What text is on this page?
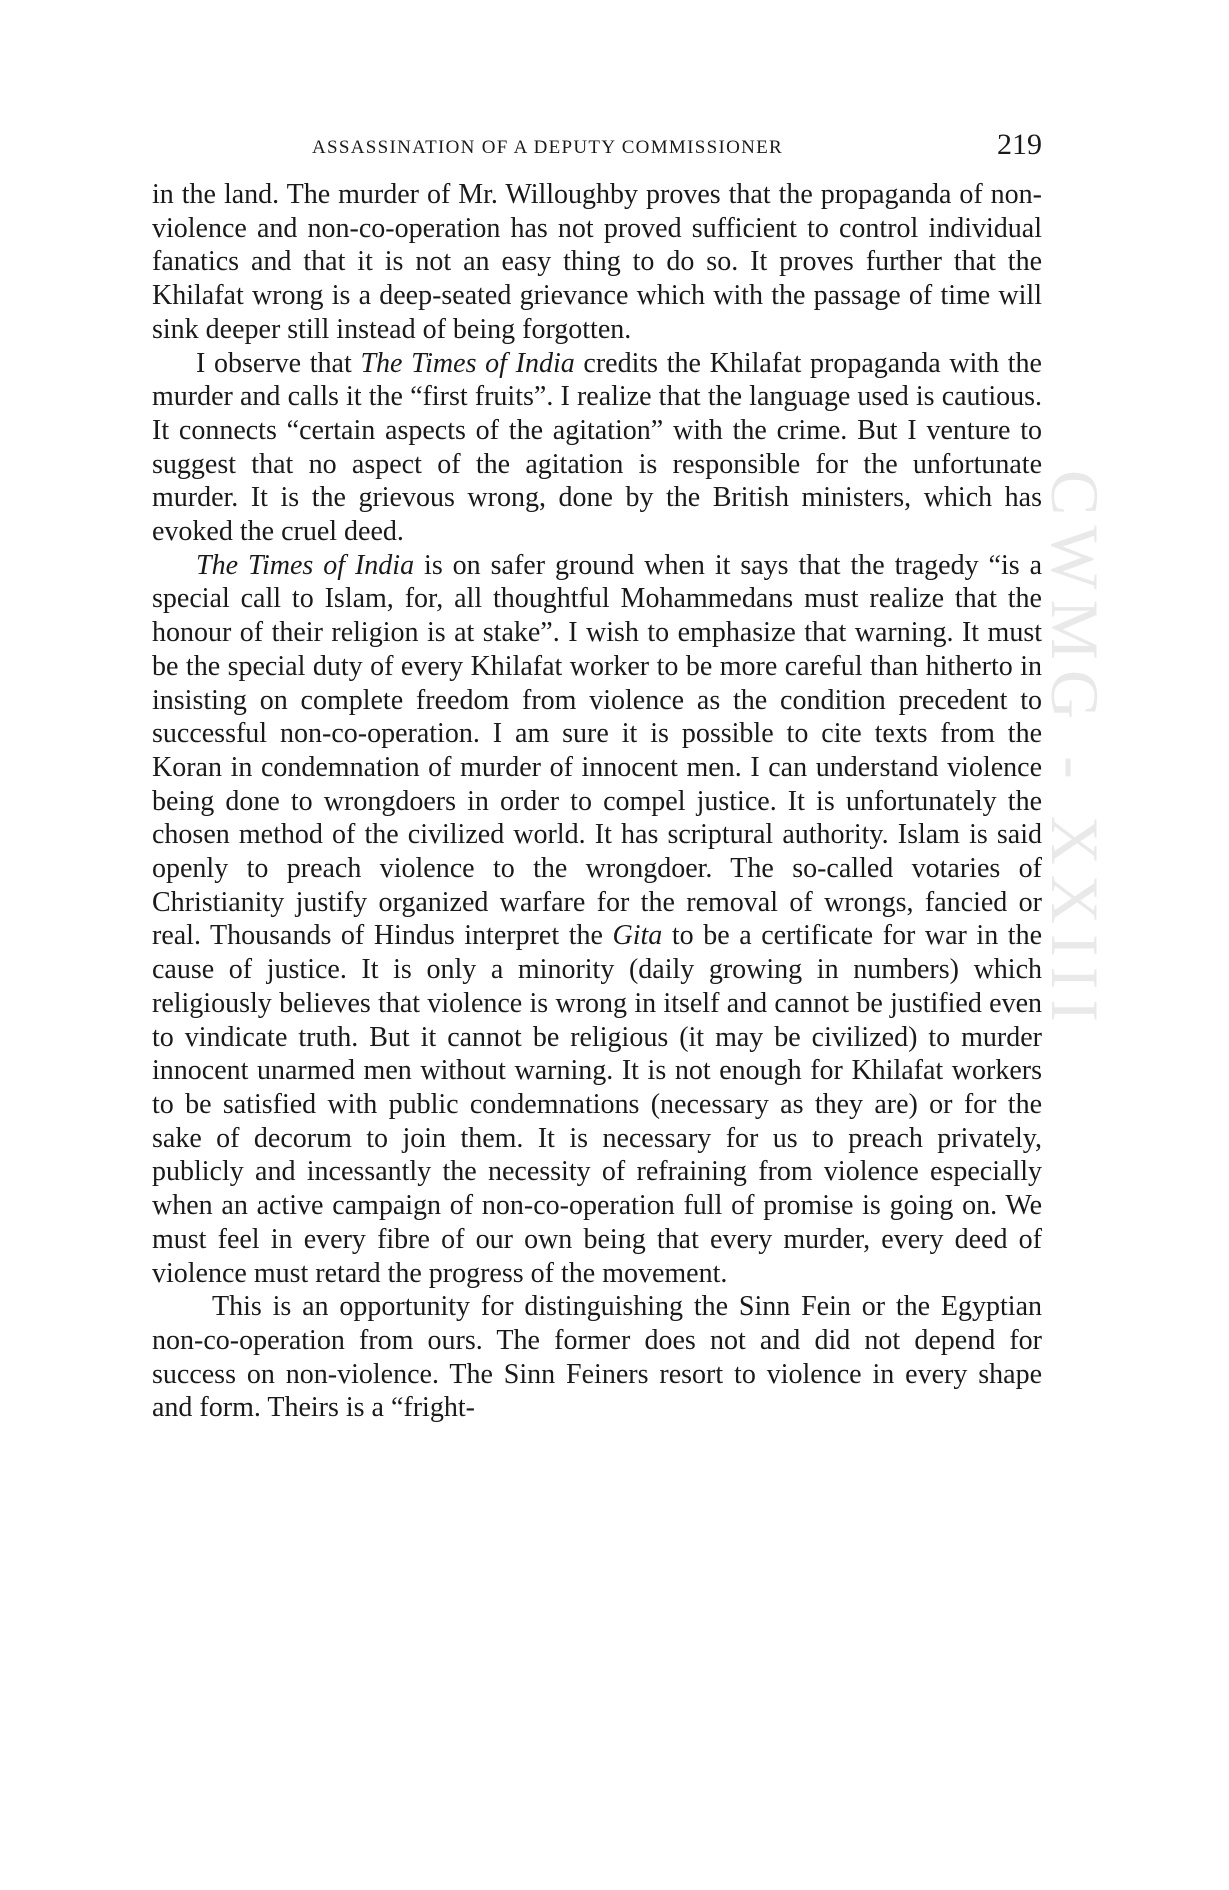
CWMG - XXIII
ASSASSINATION OF A DEPUTY COMMISSIONER	219

in the land. The murder of Mr. Willoughby proves that the propaganda of non-violence and non-co-operation has not proved sufficient to control individual fanatics and that it is not an easy thing to do so. It proves further that the Khilafat wrong is a deep-seated grievance which with the passage of time will sink deeper still instead of being forgotten.

I observe that The Times of India credits the Khilafat propaganda with the murder and calls it the “first fruits”. I realize that the language used is cautious. It connects “certain aspects of the agitation” with the crime. But I venture to suggest that no aspect of the agitation is responsible for the unfortunate murder. It is the grievous wrong, done by the British ministers, which has evoked the cruel deed.

The Times of India is on safer ground when it says that the tragedy “is a special call to Islam, for, all thoughtful Mohammedans must realize that the honour of their religion is at stake”. I wish to emphasize that warning. It must be the special duty of every Khilafat worker to be more careful than hitherto in insisting on complete freedom from violence as the condition precedent to successful non-co-operation. I am sure it is possible to cite texts from the Koran in condemnation of murder of innocent men. I can understand violence being done to wrongdoers in order to compel justice. It is unfortunately the chosen method of the civilized world. It has scriptural authority. Islam is said openly to preach violence to the wrongdoer. The so-called votaries of Christianity justify organized warfare for the removal of wrongs, fancied or real. Thousands of Hindus interpret the Gita to be a certificate for war in the cause of justice. It is only a minority (daily growing in numbers) which religiously believes that violence is wrong in itself and cannot be justified even to vindicate truth. But it cannot be religious (it may be civilized) to murder innocent unarmed men without warning. It is not enough for Khilafat workers to be satisfied with public condemnations (necessary as they are) or for the sake of decorum to join them. It is necessary for us to preach privately, publicly and incessantly the necessity of refraining from violence especially when an active campaign of non-co-operation full of promise is going on. We must feel in every fibre of our own being that every murder, every deed of violence must retard the progress of the movement.

This is an opportunity for distinguishing the Sinn Fein or the Egyptian non-co-operation from ours. The former does not and did not depend for success on non-violence. The Sinn Feiners resort to violence in every shape and form. Theirs is a “fright-
